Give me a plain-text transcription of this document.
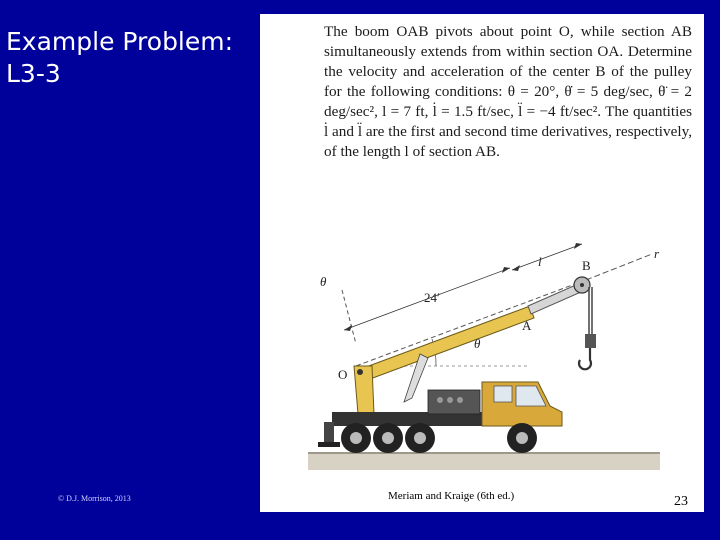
Example Problem:
L3-3
© D.J. Morrison, 2013

The boom OAB pivots about point O, while section AB simultaneously extends from within section OA. Determine the velocity and acceleration of the center B of the pulley for the following conditions: θ = 20°, θ̇ = 5 deg/sec, θ̈ = 2 deg/sec², l = 7 ft, l̇ = 1.5 ft/sec, l̈ = −4 ft/sec². The quantities l̇ and l̈ are the first and second time derivatives, respectively, of the length l of section AB.

θ
24′
l	B
r
A
θ
O
Meriam and Kraige (6th ed.)	23
